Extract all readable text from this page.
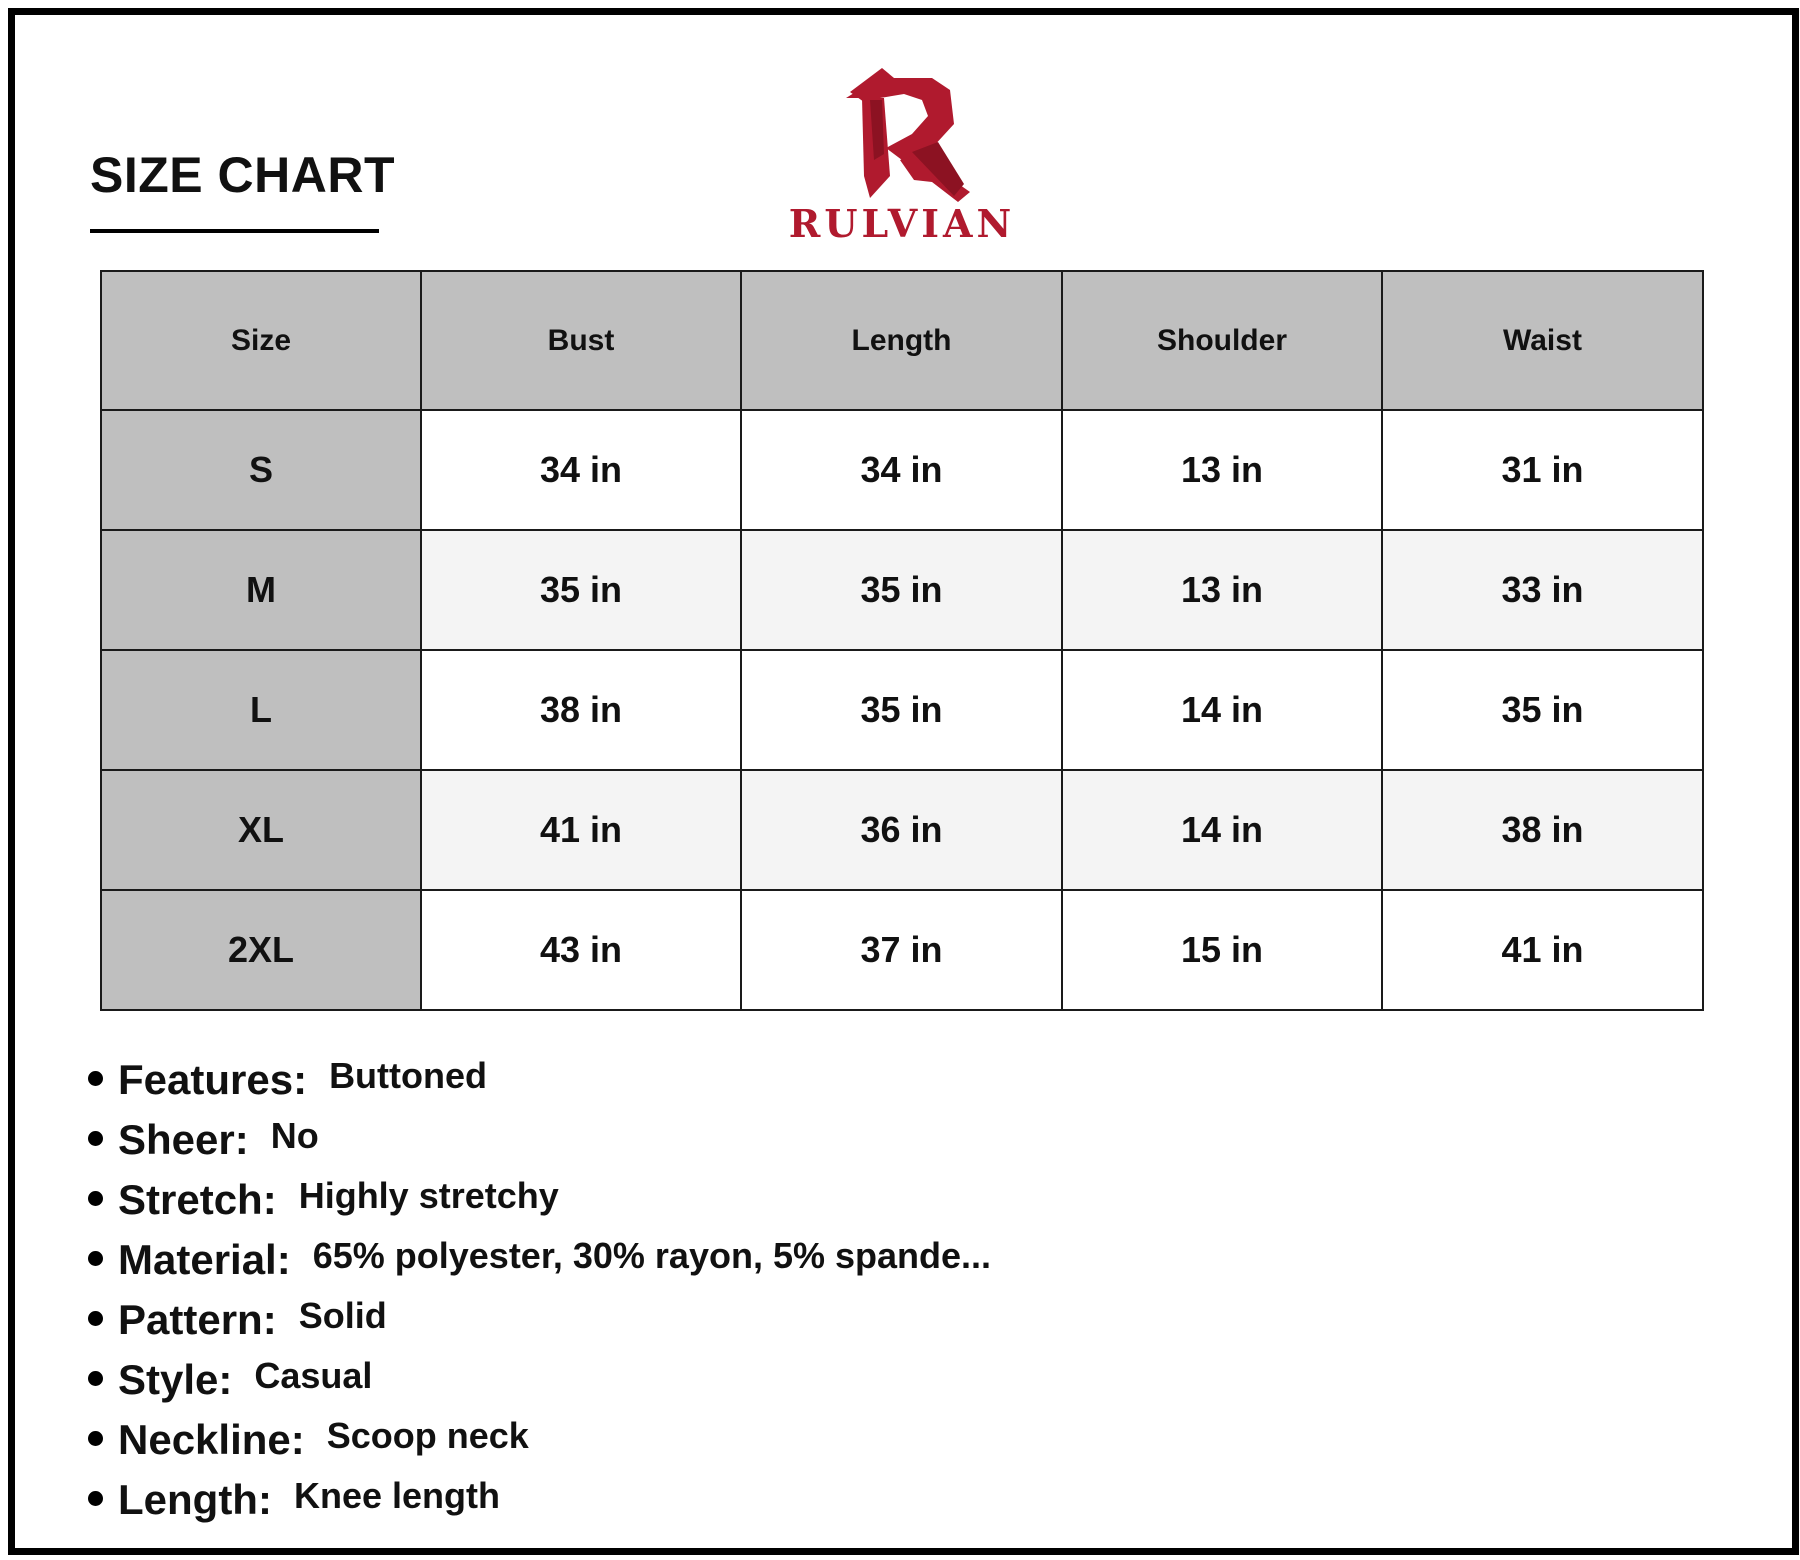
SIZE CHART
RULVIAN
Size	Bust	Length	Shoulder	Waist
S	34 in	34 in	13 in	31 in
M	35 in	35 in	13 in	33 in
L	38 in	35 in	14 in	35 in
XL	41 in	36 in	14 in	38 in
2XL	43 in	37 in	15 in	41 in
Features: Buttoned
Sheer: No
Stretch: Highly stretchy
Material: 65% polyester, 30% rayon, 5% spande...
Pattern: Solid
Style: Casual
Neckline: Scoop neck
Length: Knee length
